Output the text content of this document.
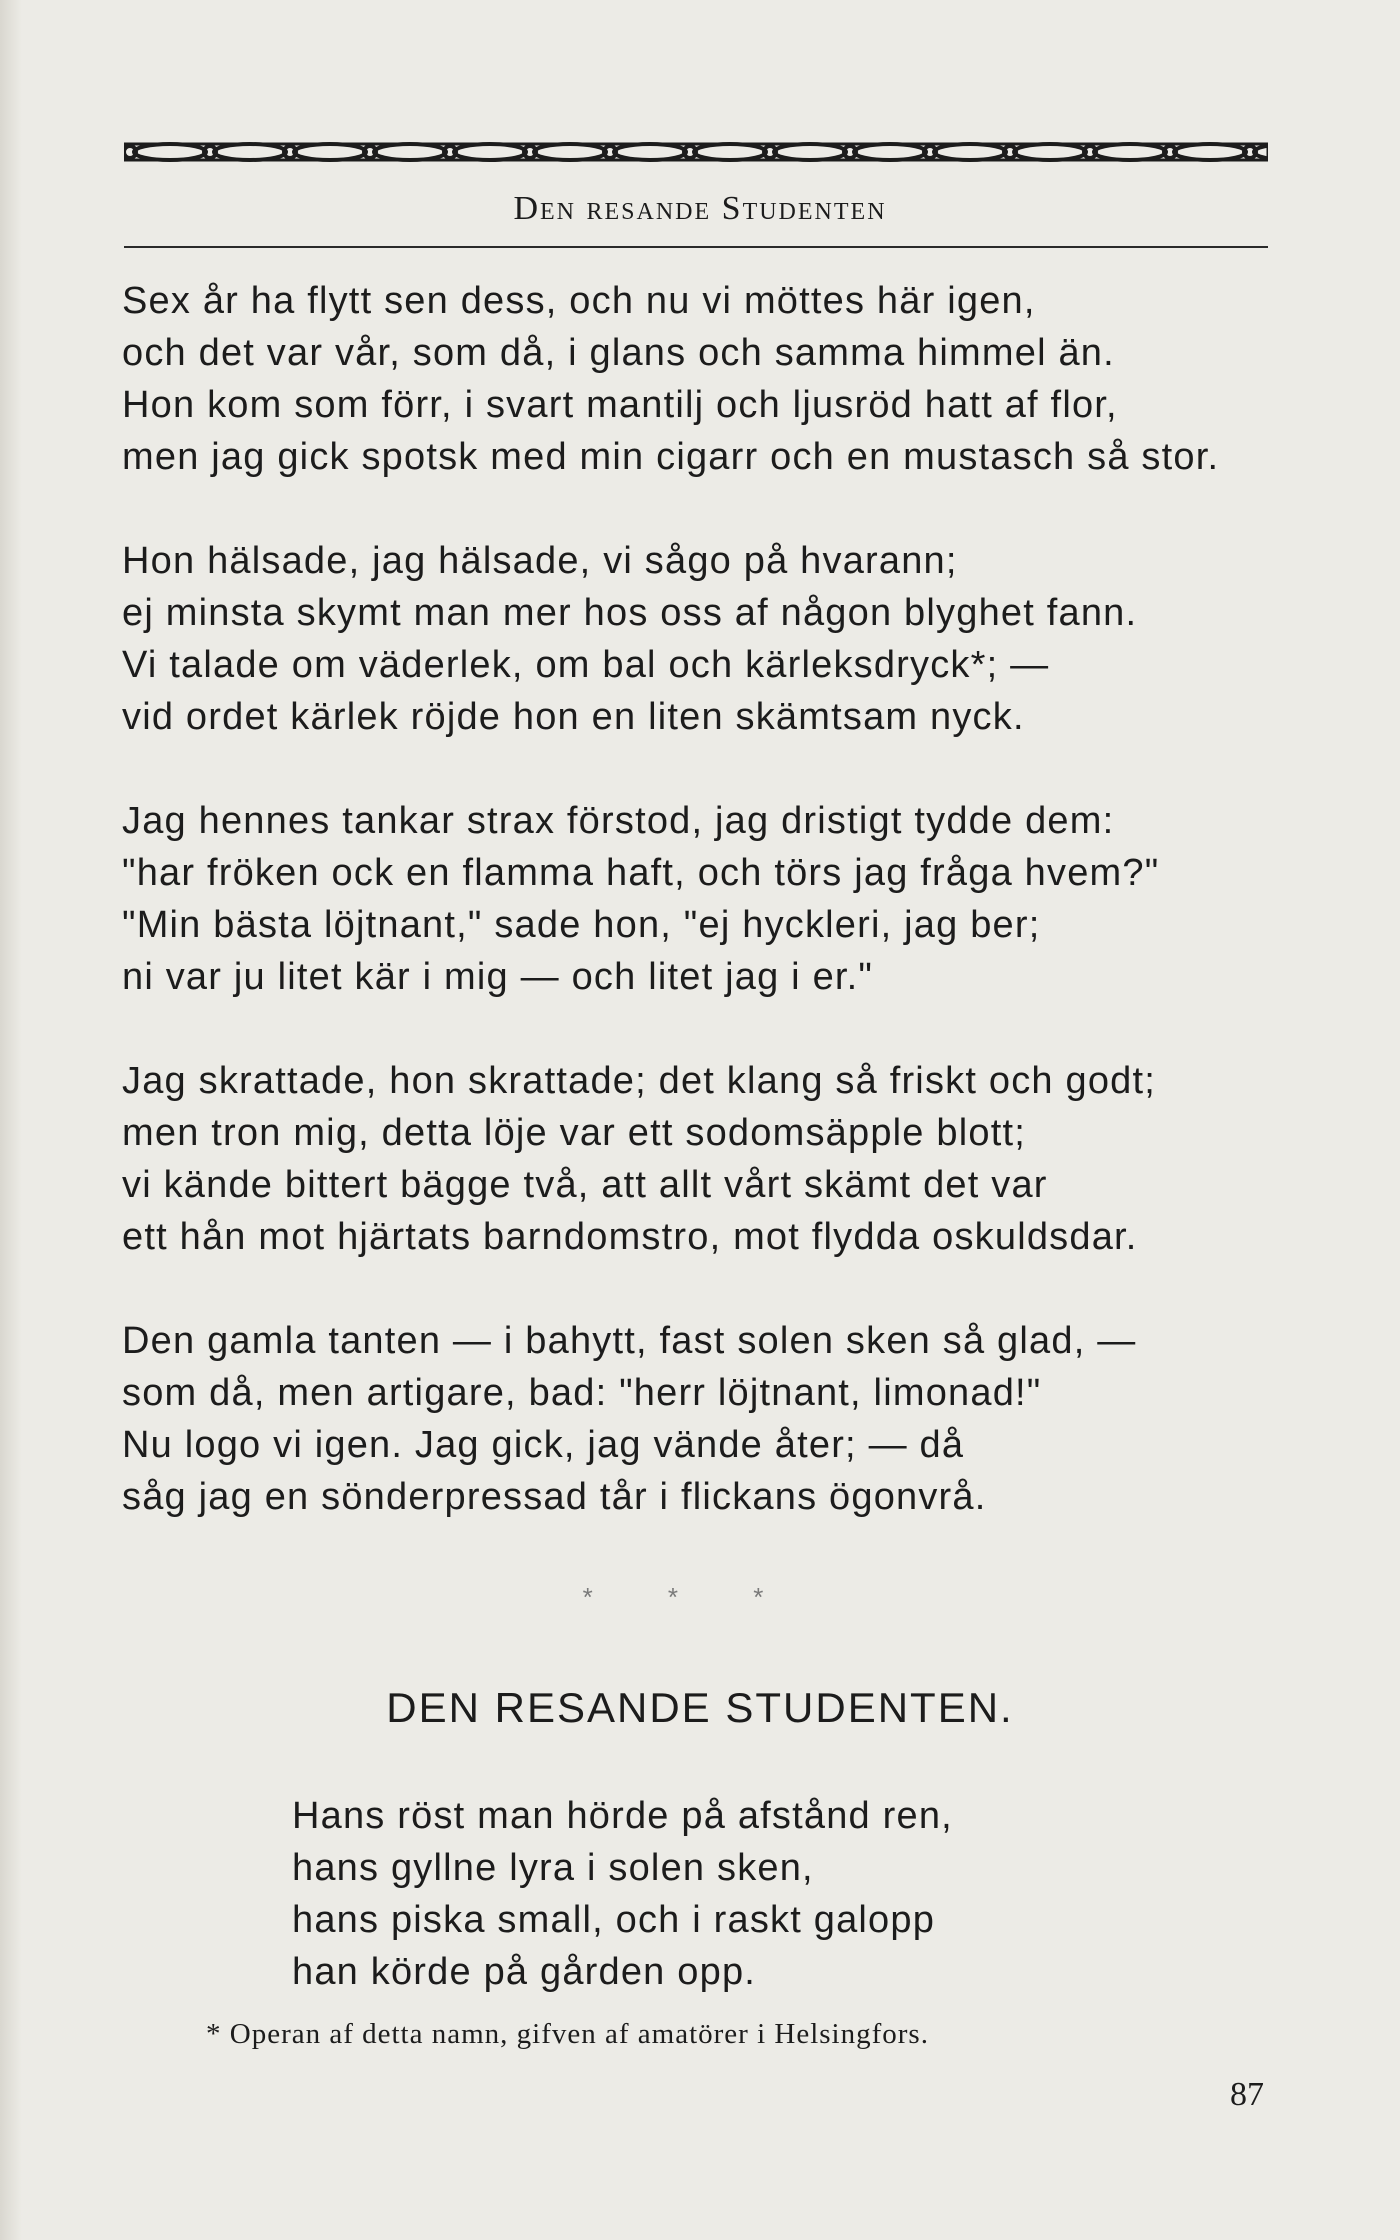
Den resande Studenten
Sex år ha flytt sen dess, och nu vi möttes här igen,
och det var vår, som då, i glans och samma himmel än.
Hon kom som förr, i svart mantilj och ljusröd hatt af flor,
men jag gick spotsk med min cigarr och en mustasch så stor.
Hon hälsade, jag hälsade, vi sågo på hvarann;
ej minsta skymt man mer hos oss af någon blyghet fann.
Vi talade om väderlek, om bal och kärleksdryck*; —
vid ordet kärlek röjde hon en liten skämtsam nyck.
Jag hennes tankar strax förstod, jag dristigt tydde dem:
"har fröken ock en flamma haft, och törs jag fråga hvem?"
"Min bästa löjtnant," sade hon, "ej hyckleri, jag ber;
ni var ju litet kär i mig — och litet jag i er."
Jag skrattade, hon skrattade; det klang så friskt och godt;
men tron mig, detta löje var ett sodomsäpple blott;
vi kände bittert bägge två, att allt vårt skämt det var
ett hån mot hjärtats barndomstro, mot flydda oskuldsdar.
Den gamla tanten — i bahytt, fast solen sken så glad, —
som då, men artigare, bad: "herr löjtnant, limonad!"
Nu logo vi igen. Jag gick, jag vände åter; — då
såg jag en sönderpressad tår i flickans ögonvrå.
* * *
DEN RESANDE STUDENTEN.
Hans röst man hörde på afstånd ren,
hans gyllne lyra i solen sken,
hans piska small, och i raskt galopp
han körde på gården opp.
* Operan af detta namn, gifven af amatörer i Helsingfors.
87
